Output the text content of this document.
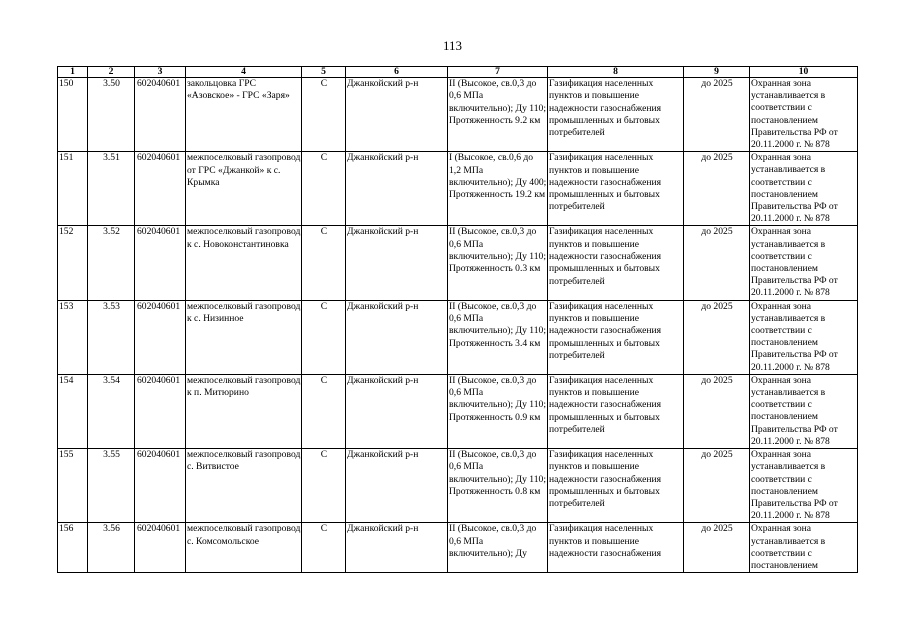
113
1	2	3	4	5	6	7	8	9	10
150	3.50	602040601	закольцовка ГРС «Азовское» - ГРС «Заря»	С	Джанкойский р-н	II (Высокое, св.0,3 до 0,6 МПа включительно); Ду 110; Протяженность 9.2 км	Газификация населенных пунктов и повышение надежности газоснабжения промышленных и бытовых потребителей	до 2025	Охранная зона устанавливается в соответствии с постановлением Правительства РФ от 20.11.2000 г. № 878
151	3.51	602040601	межпоселковый газопровод от ГРС «Джанкой» к с. Крымка	С	Джанкойский р-н	I (Высокое, св.0,6 до 1,2 МПа включительно); Ду 400; Протяженность 19.2 км	Газификация населенных пунктов и повышение надежности газоснабжения промышленных и бытовых потребителей	до 2025	Охранная зона устанавливается в соответствии с постановлением Правительства РФ от 20.11.2000 г. № 878
152	3.52	602040601	межпоселковый газопровод к с. Новоконстантиновка	С	Джанкойский р-н	II (Высокое, св.0,3 до 0,6 МПа включительно); Ду 110; Протяженность 0.3 км	Газификация населенных пунктов и повышение надежности газоснабжения промышленных и бытовых потребителей	до 2025	Охранная зона устанавливается в соответствии с постановлением Правительства РФ от 20.11.2000 г. № 878
153	3.53	602040601	межпоселковый газопровод к с. Низинное	С	Джанкойский р-н	II (Высокое, св.0,3 до 0,6 МПа включительно); Ду 110; Протяженность 3.4 км	Газификация населенных пунктов и повышение надежности газоснабжения промышленных и бытовых потребителей	до 2025	Охранная зона устанавливается в соответствии с постановлением Правительства РФ от 20.11.2000 г. № 878
154	3.54	602040601	межпоселковый газопровод к п. Митюрино	С	Джанкойский р-н	II (Высокое, св.0,3 до 0,6 МПа включительно); Ду 110; Протяженность 0.9 км	Газификация населенных пунктов и повышение надежности газоснабжения промышленных и бытовых потребителей	до 2025	Охранная зона устанавливается в соответствии с постановлением Правительства РФ от 20.11.2000 г. № 878
155	3.55	602040601	межпоселковый газопровод с. Витвистое	С	Джанкойский р-н	II (Высокое, св.0,3 до 0,6 МПа включительно); Ду 110; Протяженность 0.8 км	Газификация населенных пунктов и повышение надежности газоснабжения промышленных и бытовых потребителей	до 2025	Охранная зона устанавливается в соответствии с постановлением Правительства РФ от 20.11.2000 г. № 878
156	3.56	602040601	межпоселковый газопровод с. Комсомольское	С	Джанкойский р-н	II (Высокое, св.0,3 до 0,6 МПа включительно); Ду	Газификация населенных пунктов и повышение надежности газоснабжения	до 2025	Охранная зона устанавливается в соответствии с постановлением
